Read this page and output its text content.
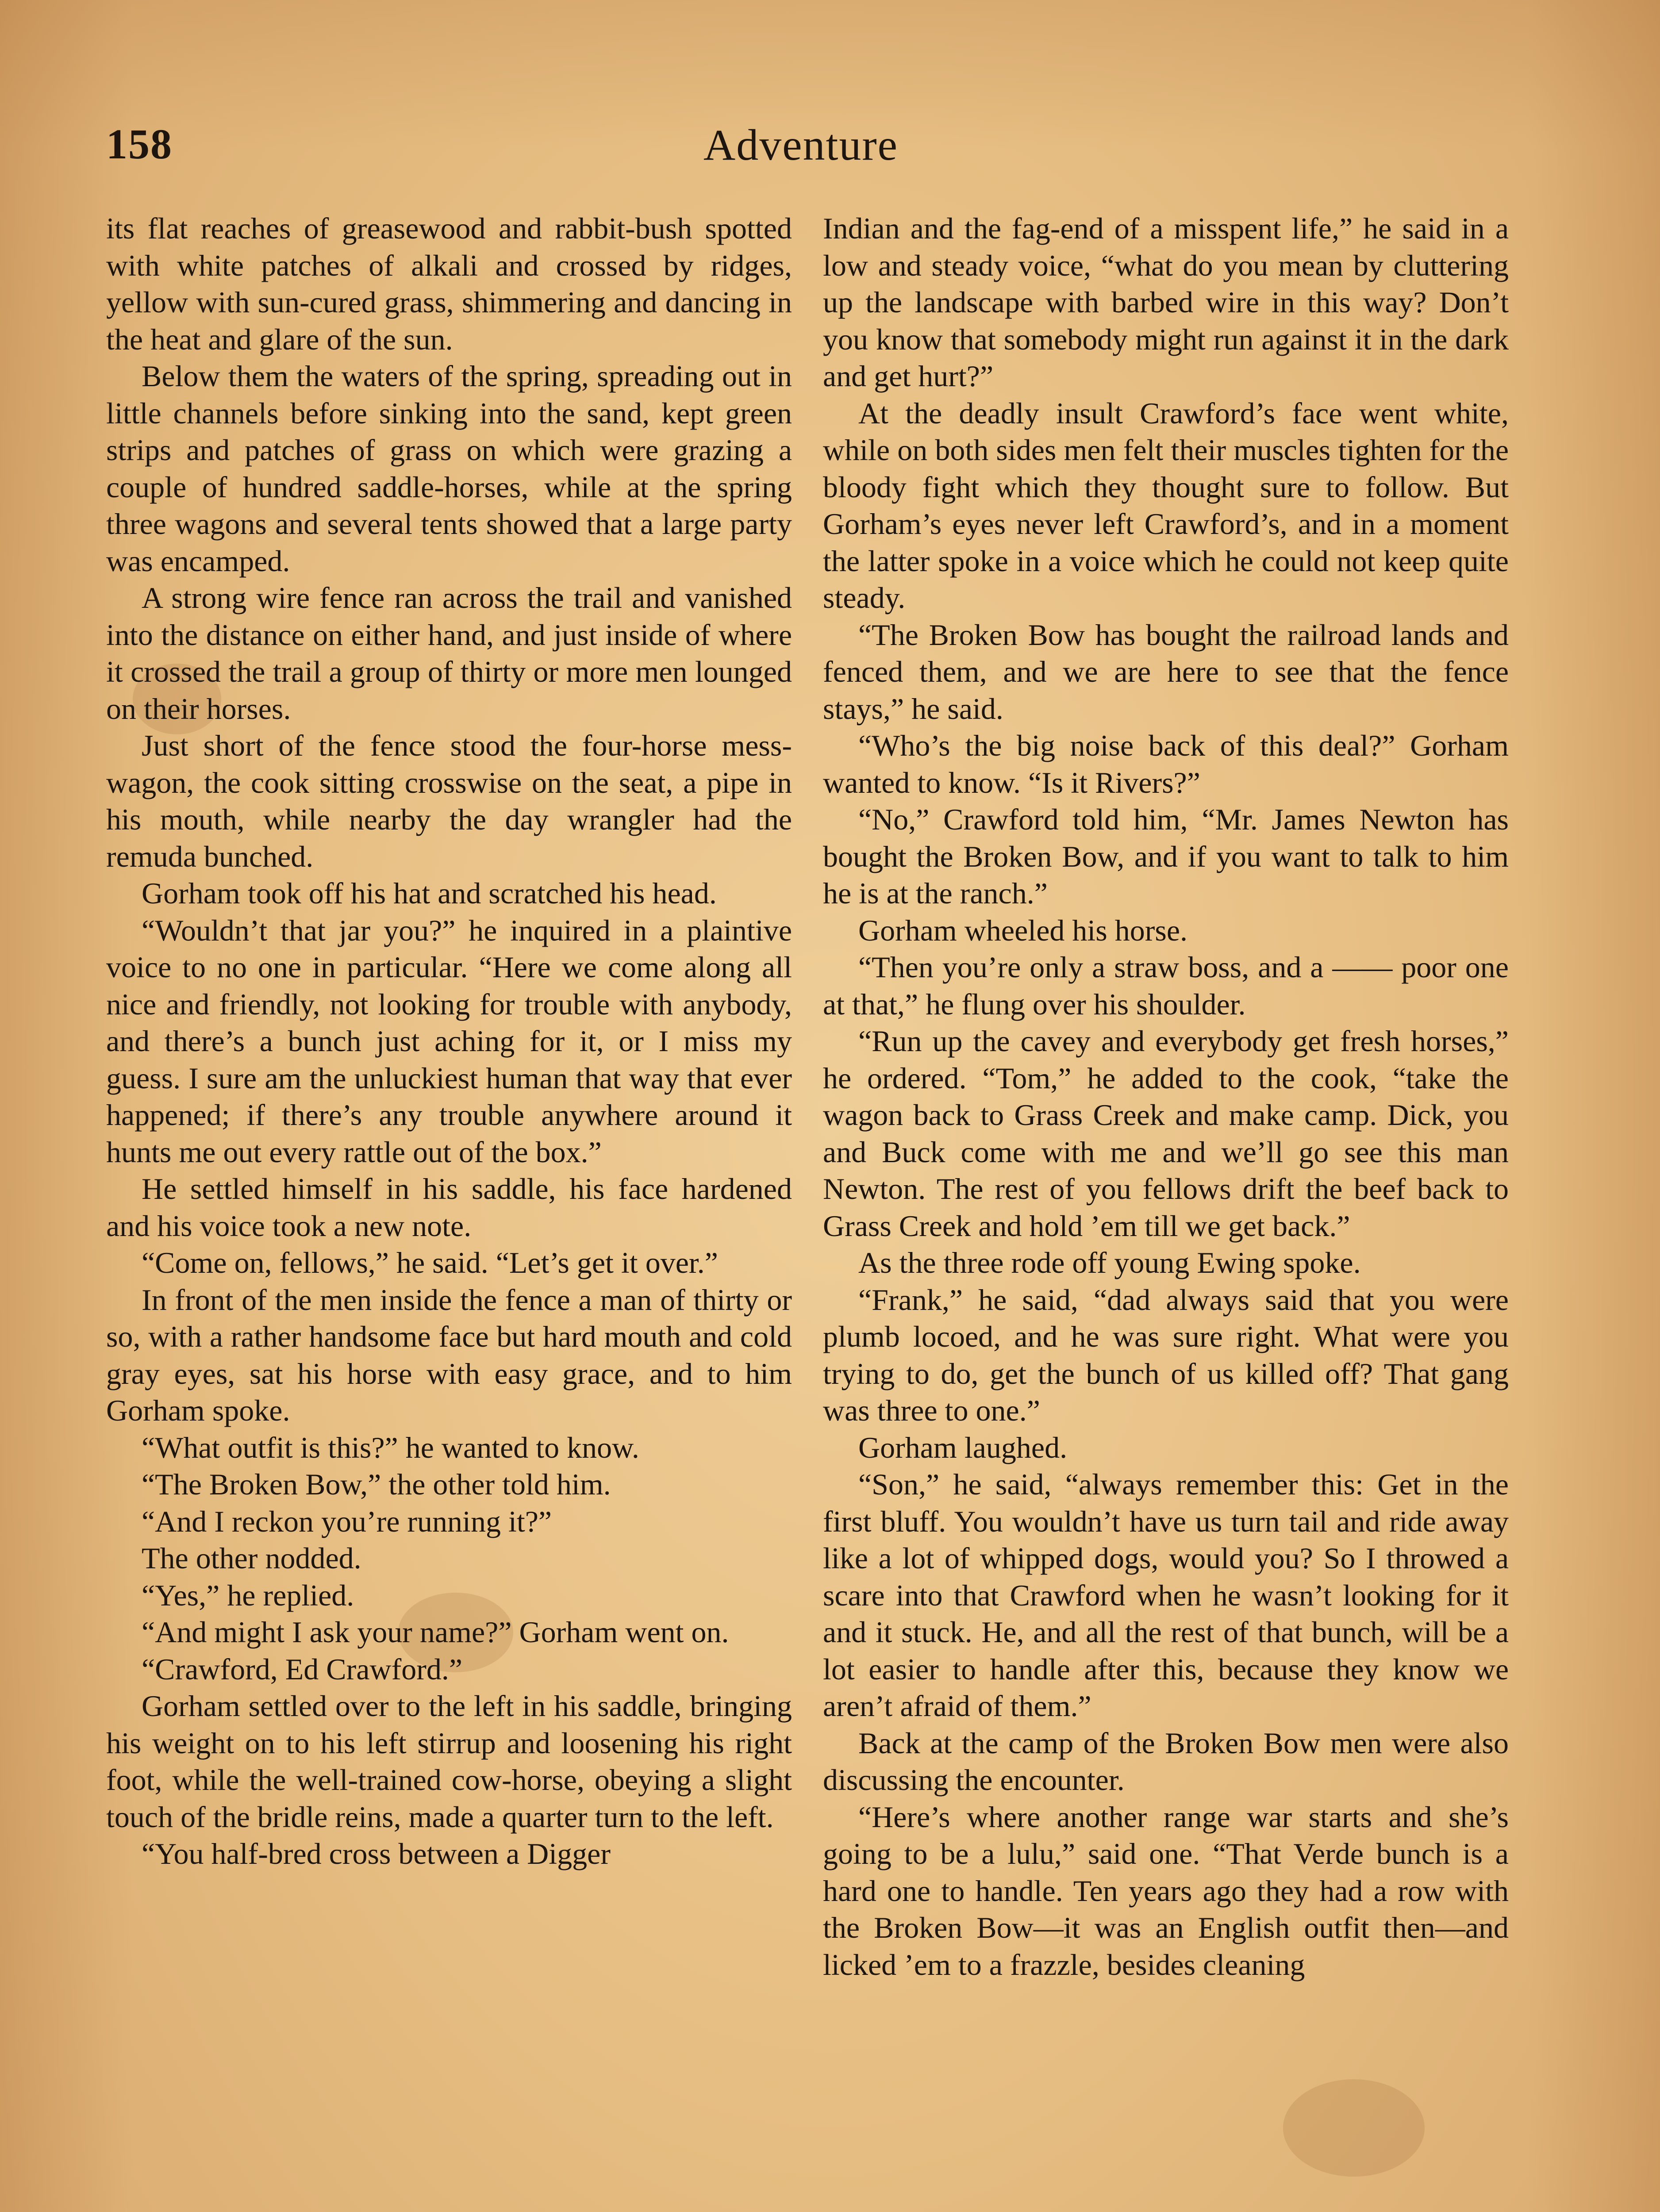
158	Adventure

its flat reaches of greasewood and rabbit-bush spotted with white patches of alkali and crossed by ridges, yellow with sun-cured grass, shimmering and dancing in the heat and glare of the sun.

Below them the waters of the spring, spreading out in little channels before sinking into the sand, kept green strips and patches of grass on which were grazing a couple of hundred saddle-horses, while at the spring three wagons and several tents showed that a large party was encamped.

A strong wire fence ran across the trail and vanished into the distance on either hand, and just inside of where it crossed the trail a group of thirty or more men lounged on their horses.

Just short of the fence stood the four-horse mess-wagon, the cook sitting crosswise on the seat, a pipe in his mouth, while nearby the day wrangler had the remuda bunched.

Gorham took off his hat and scratched his head.

“Wouldn’t that jar you?” he inquired in a plaintive voice to no one in particular. “Here we come along all nice and friendly, not looking for trouble with anybody, and there’s a bunch just aching for it, or I miss my guess. I sure am the unluckiest human that way that ever happened; if there’s any trouble anywhere around it hunts me out every rattle out of the box.”

He settled himself in his saddle, his face hardened and his voice took a new note.

“Come on, fellows,” he said. “Let’s get it over.”

In front of the men inside the fence a man of thirty or so, with a rather handsome face but hard mouth and cold gray eyes, sat his horse with easy grace, and to him Gorham spoke.

“What outfit is this?” he wanted to know.

“The Broken Bow,” the other told him.

“And I reckon you’re running it?”

The other nodded.

“Yes,” he replied.

“And might I ask your name?” Gorham went on.

“Crawford, Ed Crawford.”

Gorham settled over to the left in his saddle, bringing his weight on to his left stirrup and loosening his right foot, while the well-trained cow-horse, obeying a slight touch of the bridle reins, made a quarter turn to the left.

“You half-bred cross between a Digger

Indian and the fag-end of a misspent life,” he said in a low and steady voice, “what do you mean by cluttering up the landscape with barbed wire in this way? Don’t you know that somebody might run against it in the dark and get hurt?”

At the deadly insult Crawford’s face went white, while on both sides men felt their muscles tighten for the bloody fight which they thought sure to follow. But Gorham’s eyes never left Crawford’s, and in a moment the latter spoke in a voice which he could not keep quite steady.

“The Broken Bow has bought the railroad lands and fenced them, and we are here to see that the fence stays,” he said.

“Who’s the big noise back of this deal?” Gorham wanted to know. “Is it Rivers?”

“No,” Crawford told him, “Mr. James Newton has bought the Broken Bow, and if you want to talk to him he is at the ranch.”

Gorham wheeled his horse.

“Then you’re only a straw boss, and a —— poor one at that,” he flung over his shoulder.

“Run up the cavey and everybody get fresh horses,” he ordered. “Tom,” he added to the cook, “take the wagon back to Grass Creek and make camp. Dick, you and Buck come with me and we’ll go see this man Newton. The rest of you fellows drift the beef back to Grass Creek and hold ’em till we get back.”

As the three rode off young Ewing spoke.

“Frank,” he said, “dad always said that you were plumb locoed, and he was sure right. What were you trying to do, get the bunch of us killed off? That gang was three to one.”

Gorham laughed.

“Son,” he said, “always remember this: Get in the first bluff. You wouldn’t have us turn tail and ride away like a lot of whipped dogs, would you? So I throwed a scare into that Crawford when he wasn’t looking for it and it stuck. He, and all the rest of that bunch, will be a lot easier to handle after this, because they know we aren’t afraid of them.”

Back at the camp of the Broken Bow men were also discussing the encounter.

“Here’s where another range war starts and she’s going to be a lulu,” said one. “That Verde bunch is a hard one to handle. Ten years ago they had a row with the Broken Bow—it was an English outfit then—and licked ’em to a frazzle, besides cleaning
